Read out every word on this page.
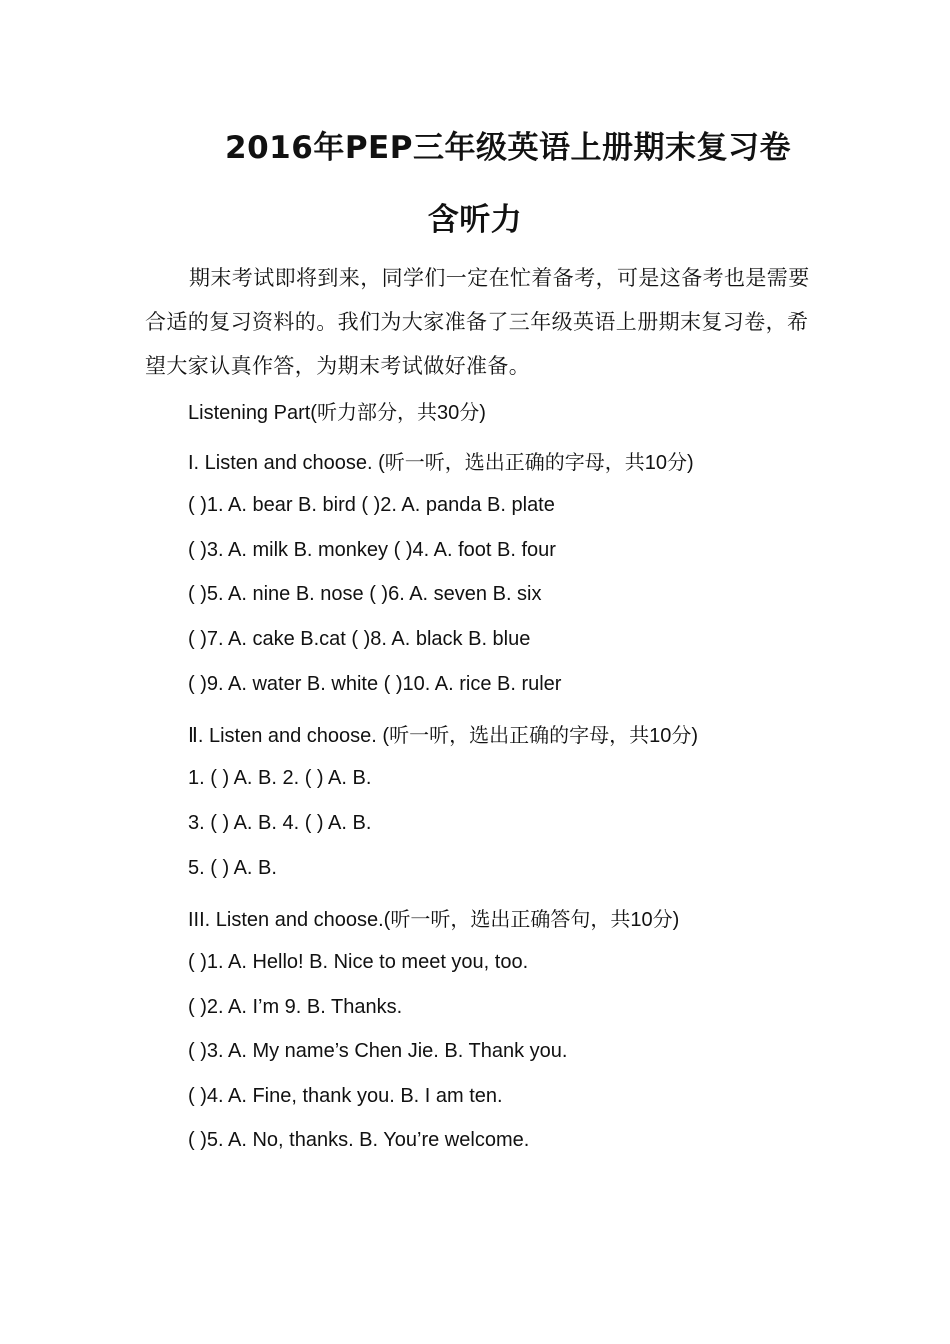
2016年PEP三年级英语上册期末复习卷
含听力
期末考试即将到来，同学们一定在忙着备考，可是这备考也是需要合适的复习资料的。我们为大家准备了三年级英语上册期末复习卷，希望大家认真作答，为期末考试做好准备。
Listening Part(听力部分，共30分)
I. Listen and choose. (听一听，选出正确的字母，共10分)
( )1. A. bear B. bird ( )2. A. panda B. plate
( )3. A. milk B. monkey ( )4. A. foot B. four
( )5. A. nine B. nose ( )6. A. seven B. six
( )7. A. cake B.cat ( )8. A. black B. blue
( )9. A. water B. white ( )10. A. rice B. ruler
Ⅱ. Listen and choose. (听一听，选出正确的字母，共10分)
1. ( ) A. B. 2. ( ) A. B.
3. ( ) A. B. 4. ( ) A. B.
5. ( ) A. B.
III. Listen and choose.(听一听，选出正确答句，共10分)
( )1. A. Hello! B. Nice to meet you, too.
( )2. A. I’m 9. B. Thanks.
( )3. A. My name’s Chen Jie. B. Thank you.
( )4. A. Fine, thank you. B. I am ten.
( )5. A. No, thanks. B. You’re welcome.
